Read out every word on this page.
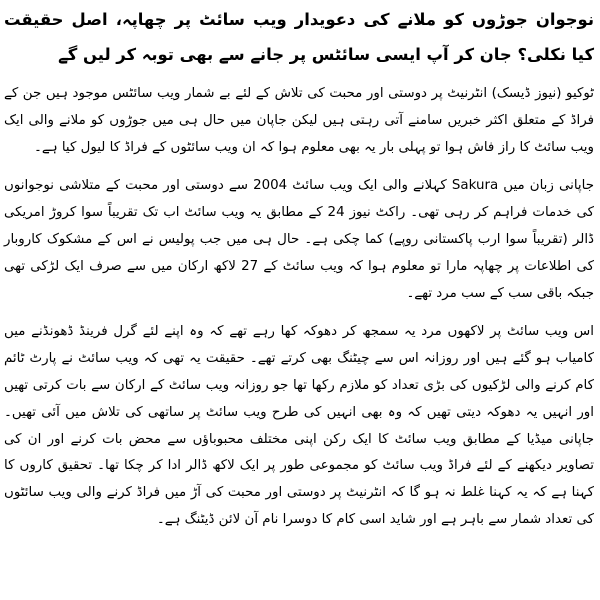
نوجوان جوڑوں کو ملانے کی دعویدار ویب سائٹ پر چھاپہ، اصل حقیقت کیا نکلی؟ جان کر آپ ایسی سائٹس پر جانے سے بھی توبہ کر لیں گے

ٹوکیو (نیوز ڈیسک) انٹرنیٹ پر دوستی اور محبت کی تلاش کے لئے بے شمار ویب سائٹس موجود ہیں جن کے فراڈ کے متعلق اکثر خبریں سامنے آتی رہتی ہیں لیکن جاپان میں حال ہی میں جوڑوں کو ملانے والی ایک ویب سائٹ کا راز فاش ہوا تو پہلی بار یہ بھی معلوم ہوا کہ ان ویب سائٹوں کے فراڈ کا لیول کیا ہے۔

جاپانی زبان میں Sakura کہلانے والی ایک ویب سائٹ 2004 سے دوستی اور محبت کے متلاشی نوجوانوں کی خدمات فراہم کر رہی تھی۔ راکٹ نیوز 24 کے مطابق یہ ویب سائٹ اب تک تقریباً سوا کروڑ امریکی ڈالر (تقریباً سوا ارب پاکستانی روپے) کما چکی ہے۔ حال ہی میں جب پولیس نے اس کے مشکوک کاروبار کی اطلاعات پر چھاپہ مارا تو معلوم ہوا کہ ویب سائٹ کے 27 لاکھ ارکان میں سے صرف ایک لڑکی تھی جبکہ باقی سب کے سب مرد تھے۔

اس ویب سائٹ پر لاکھوں مرد یہ سمجھ کر دھوکہ کھا رہے تھے کہ وہ اپنے لئے گرل فرینڈ ڈھونڈنے میں کامیاب ہو گئے ہیں اور روزانہ اس سے چیٹنگ بھی کرتے تھے۔ حقیقت یہ تھی کہ ویب سائٹ نے پارٹ ٹائم کام کرنے والی لڑکیوں کی بڑی تعداد کو ملازم رکھا تھا جو روزانہ ویب سائٹ کے ارکان سے بات کرتی تھیں اور انہیں یہ دھوکہ دیتی تھیں کہ وہ بھی انہیں کی طرح ویب سائٹ پر ساتھی کی تلاش میں آئی تھیں۔ جاپانی میڈیا کے مطابق ویب سائٹ کا ایک رکن اپنی مختلف محبوباؤں سے محض بات کرنے اور ان کی تصاویر دیکھنے کے لئے فراڈ ویب سائٹ کو مجموعی طور پر ایک لاکھ ڈالر ادا کر چکا تھا۔ تحقیق کاروں کا کہنا ہے کہ یہ کہنا غلط نہ ہو گا کہ انٹرنیٹ پر دوستی اور محبت کی آڑ میں فراڈ کرنے والی ویب سائٹوں کی تعداد شمار سے باہر ہے اور شاید اسی کام کا دوسرا نام آن لائن ڈیٹنگ ہے۔
